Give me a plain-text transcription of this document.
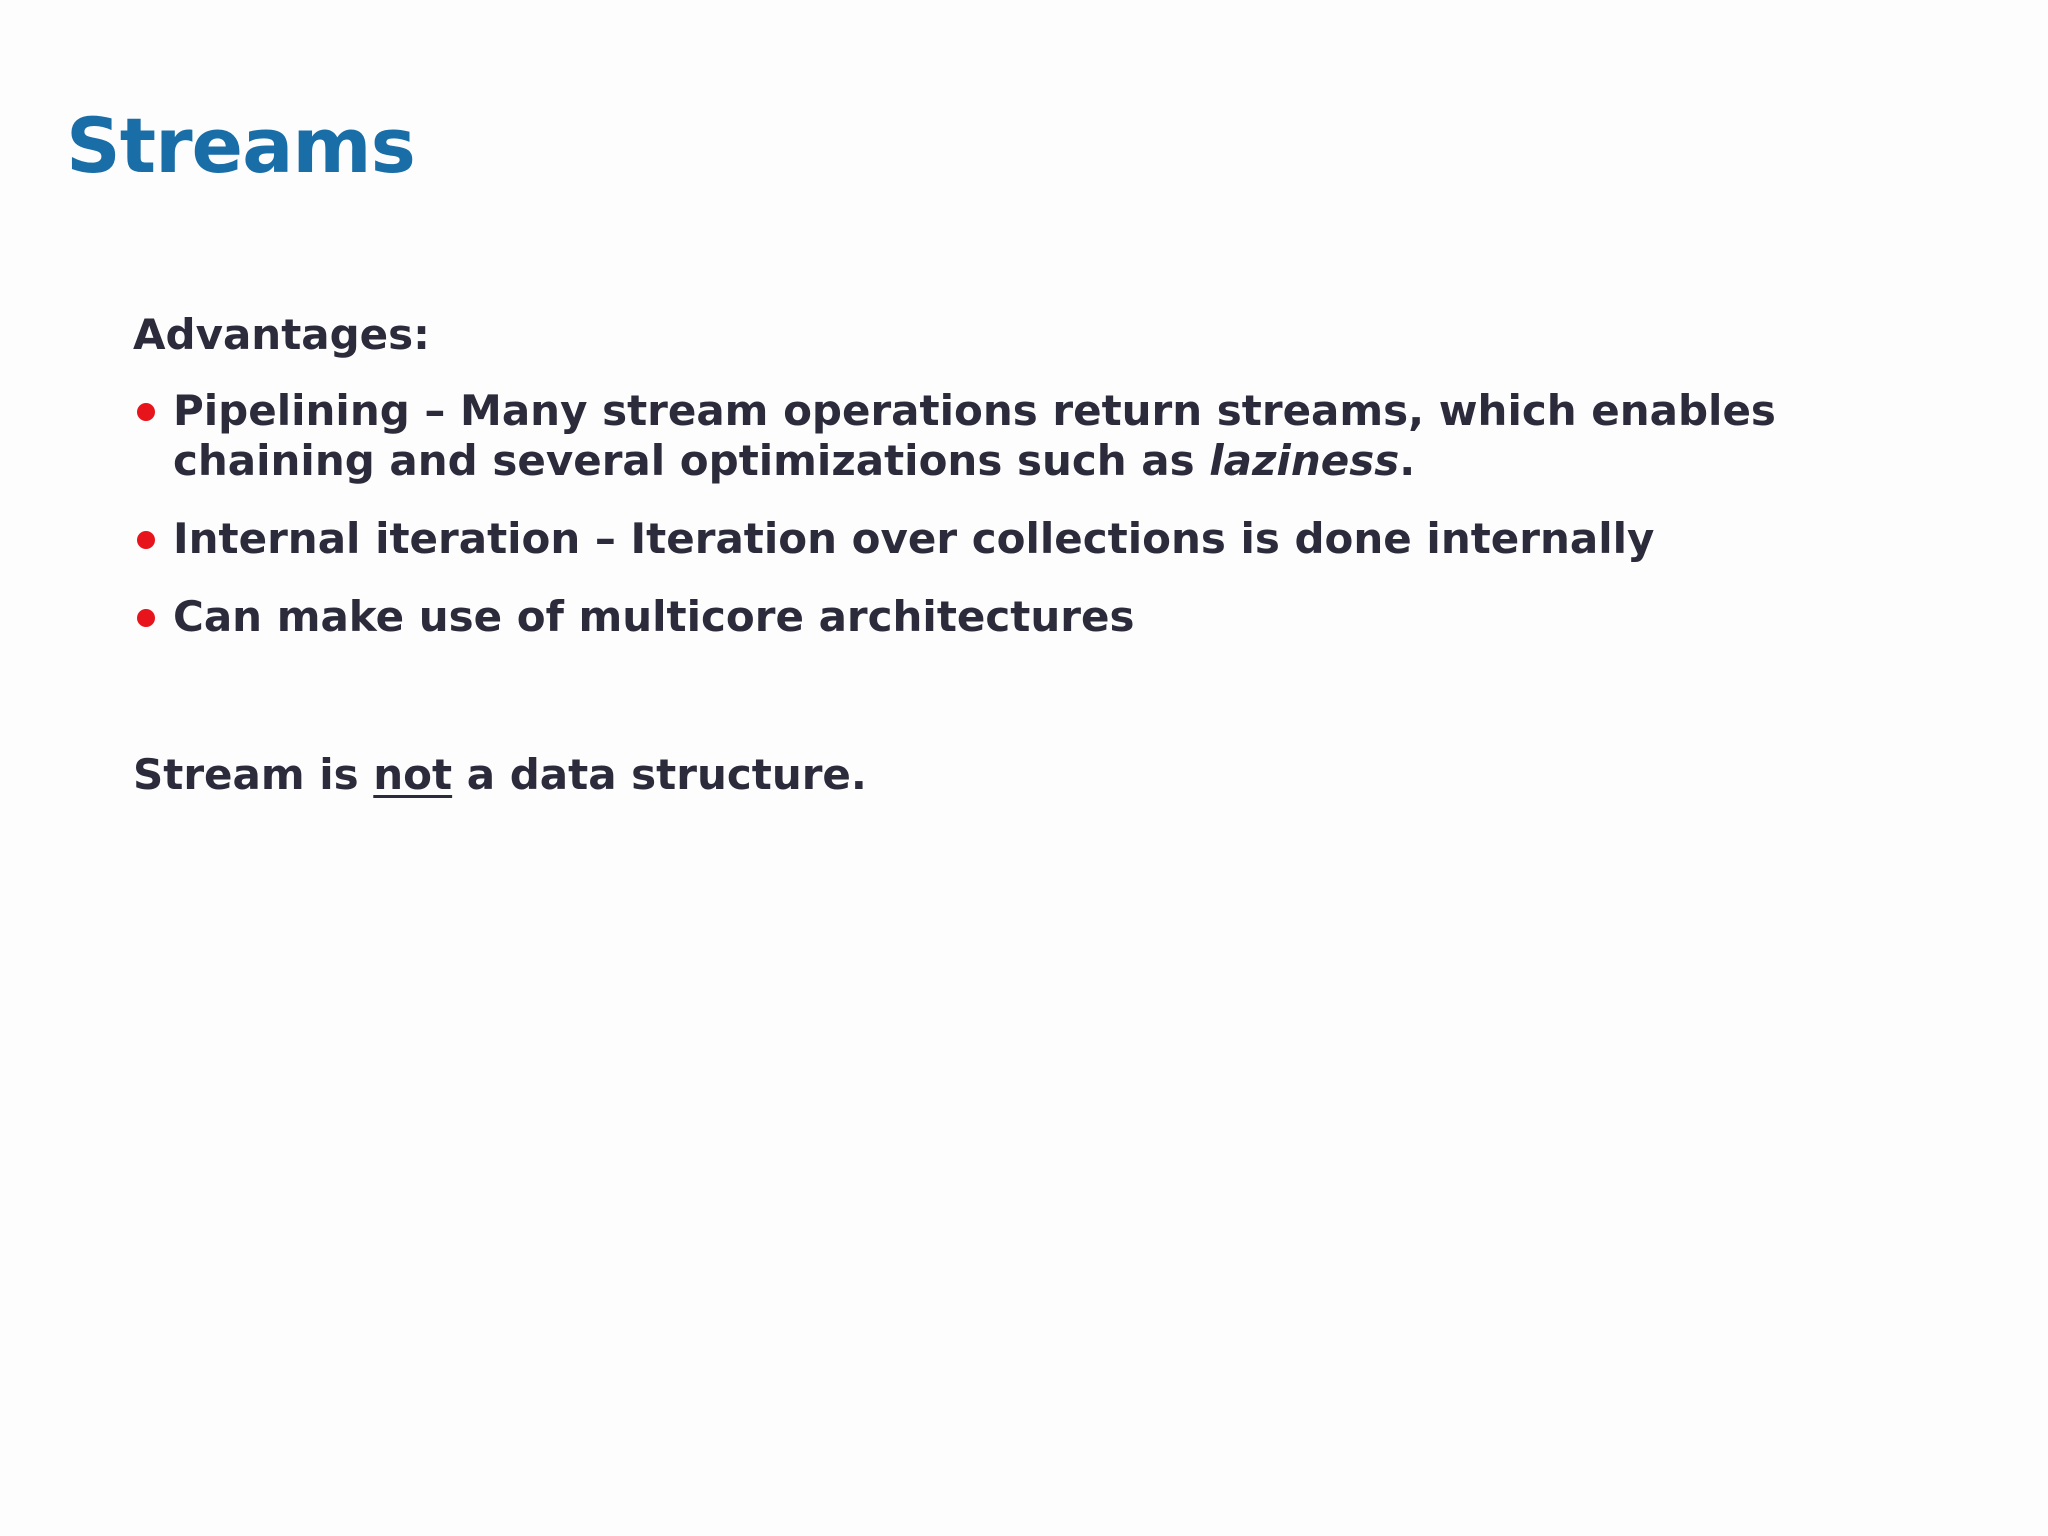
Streams

Advantages:

Pipelining – Many stream operations return streams, which enables chaining and several optimizations such as laziness.
Internal iteration – Iteration over collections is done internally
Can make use of multicore architectures

Stream is not a data structure.
